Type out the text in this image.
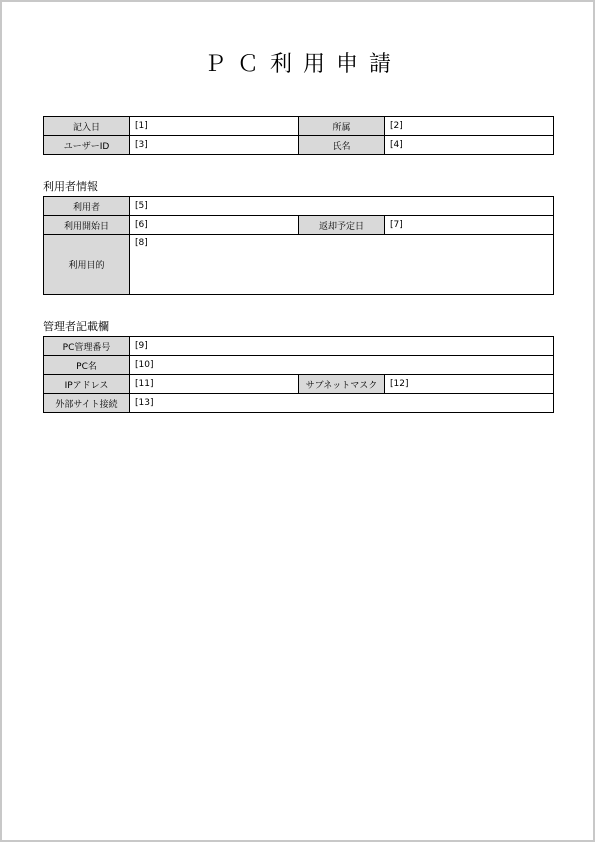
ＰＣ利用申請
記入日	[1]	所属	[2]
ユーザーID	[3]	氏名	[4]
利用者情報
利用者	[5]		
利用開始日	[6]	返却予定日	[7]
利用目的	[8]		
管理者記載欄
PC管理番号	[9]		
PC名	[10]		
IPアドレス	[11]	サブネットマスク	[12]
外部サイト接続	[13]		
